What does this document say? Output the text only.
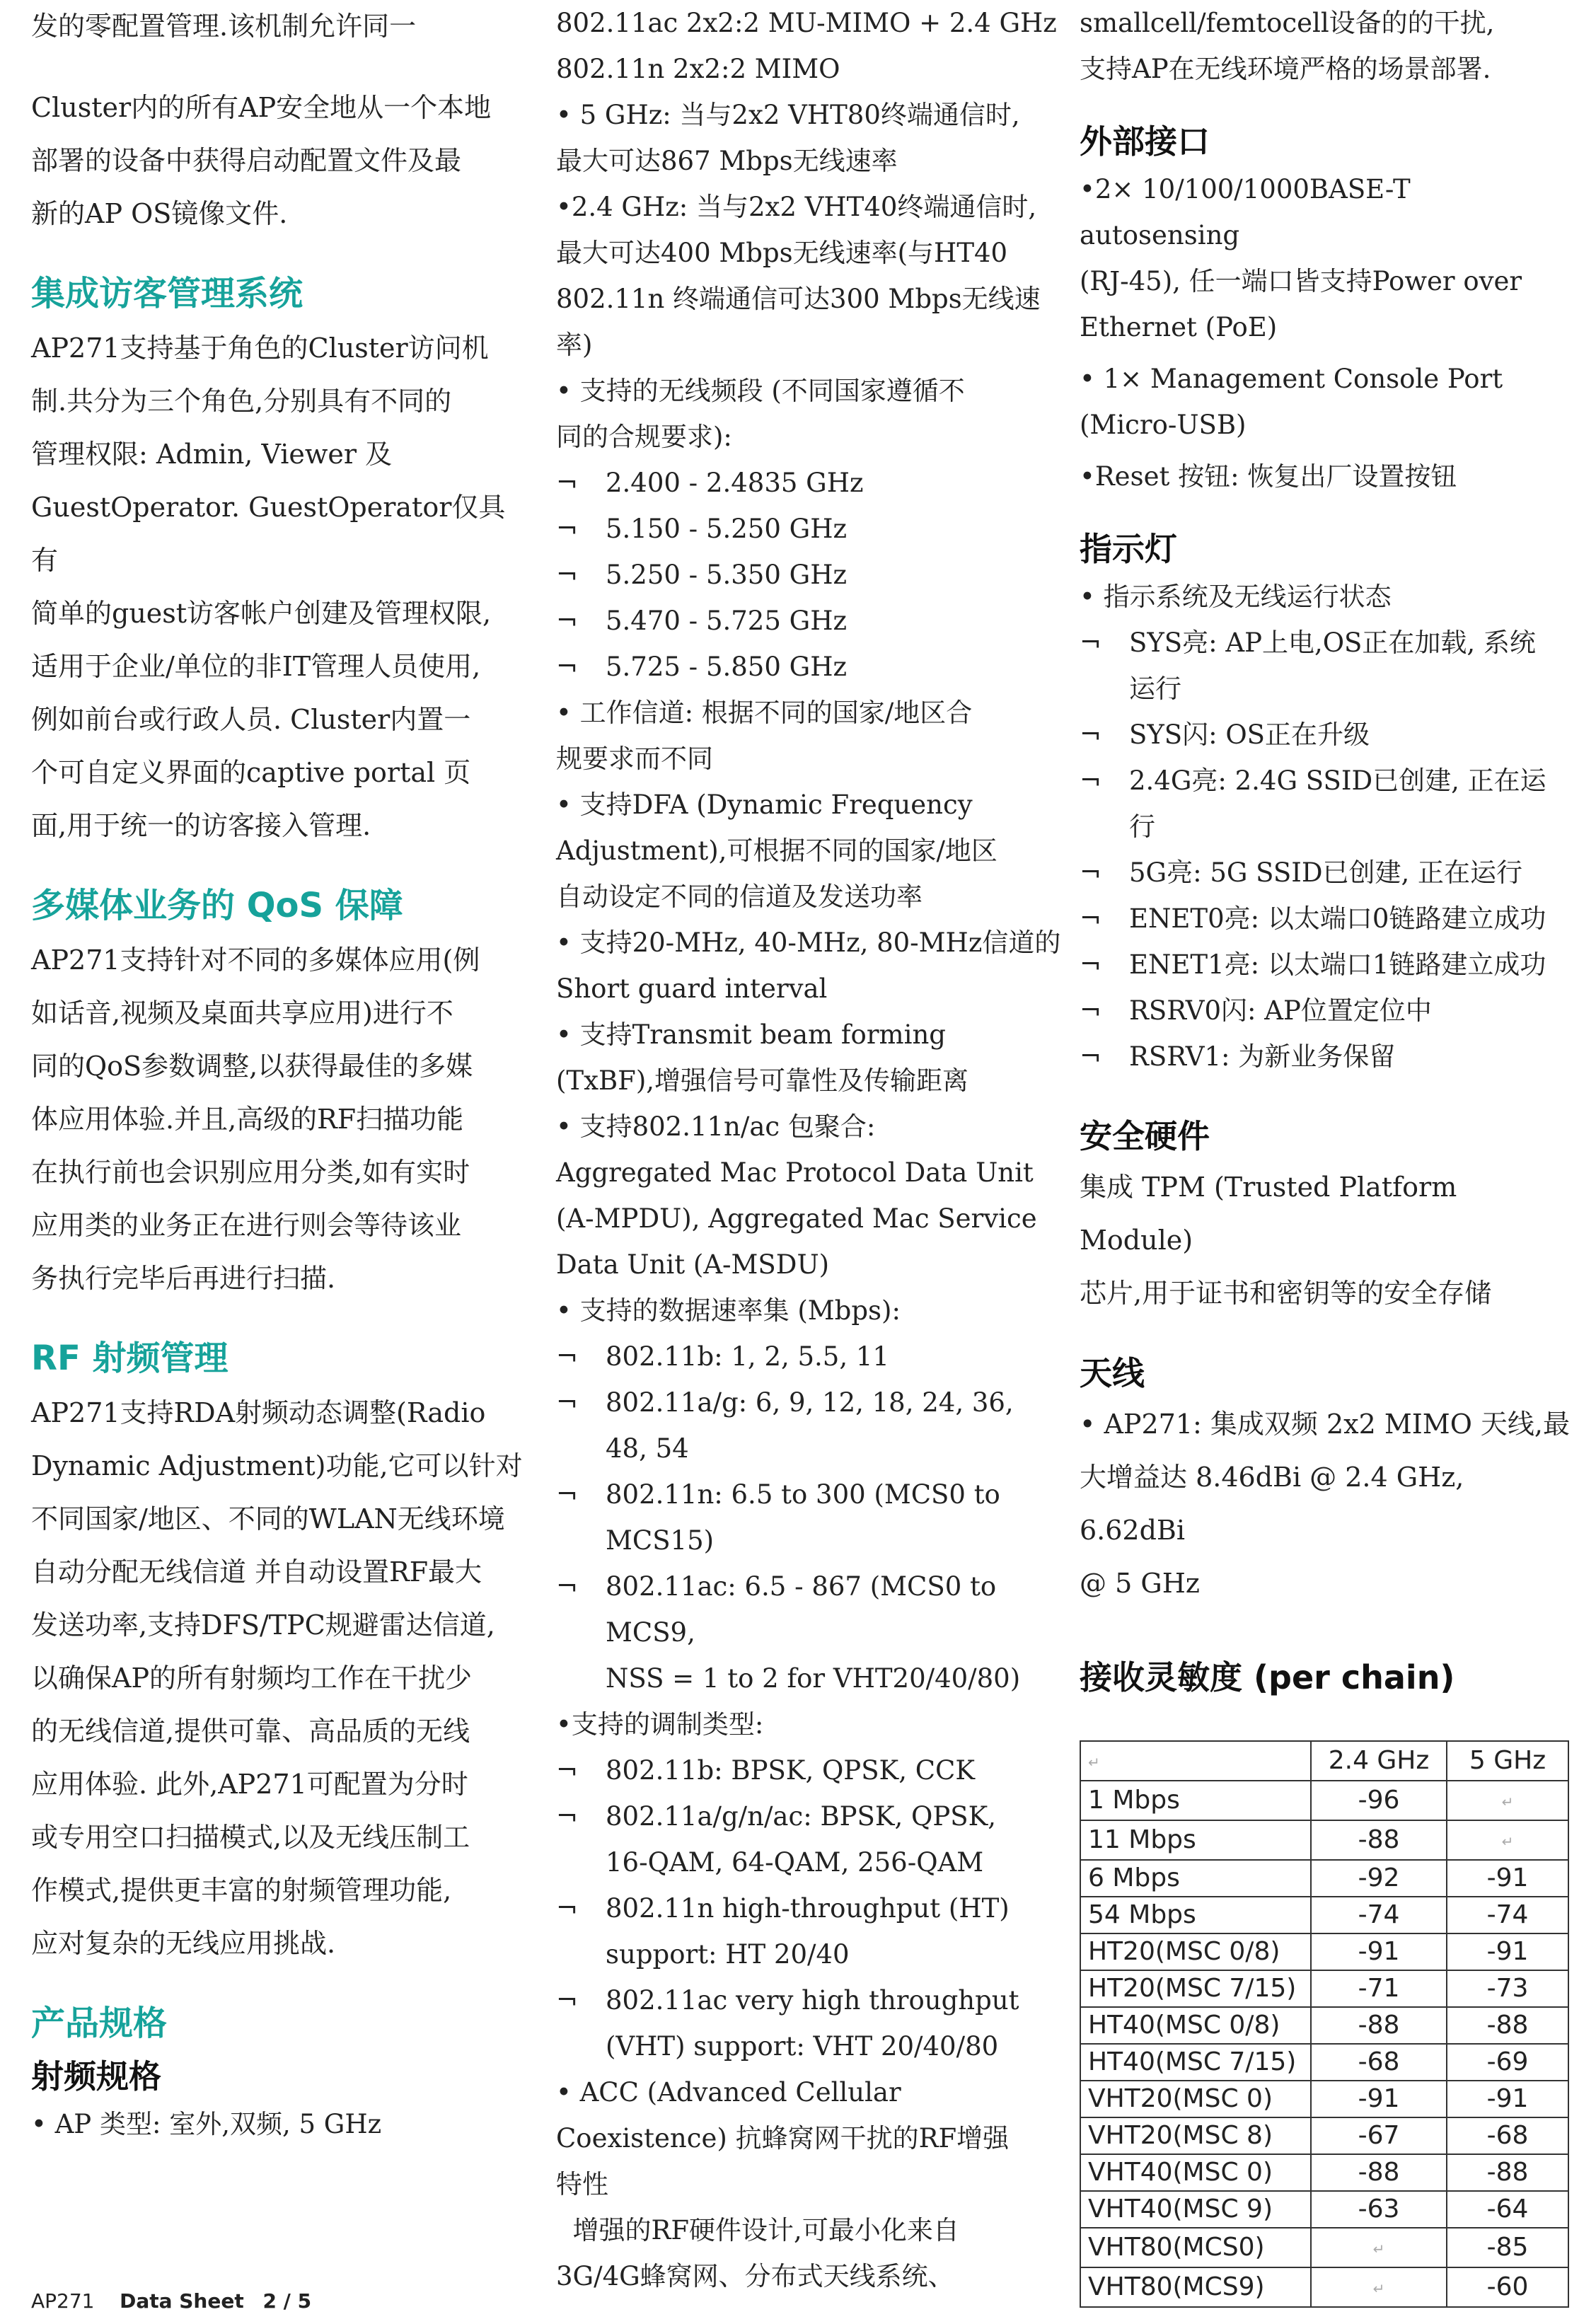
发的零配置管理.该机制允许同一

Cluster内的所有AP安全地从一个本地

部署的设备中获得启动配置文件及最

新的AP OS镜像文件.

集成访客管理系统

AP271支持基于角色的Cluster访问机

制.共分为三个角色,分别具有不同的

管理权限: Admin, Viewer 及

GuestOperator. GuestOperator仅具有

简单的guest访客帐户创建及管理权限,

适用于企业/单位的非IT管理人员使用,

例如前台或行政人员. Cluster内置一

个可自定义界面的captive portal 页

面,用于统一的访客接入管理.

多媒体业务的 QoS 保障

AP271支持针对不同的多媒体应用(例

如话音,视频及桌面共享应用)进行不

同的QoS参数调整,以获得最佳的多媒

体应用体验.并且,高级的RF扫描功能

在执行前也会识别应用分类,如有实时

应用类的业务正在进行则会等待该业

务执行完毕后再进行扫描.

RF 射频管理

AP271支持RDA射频动态调整(Radio

Dynamic Adjustment)功能,它可以针对

不同国家/地区、不同的WLAN无线环境

自动分配无线信道 并自动设置RF最大

发送功率,支持DFS/TPC规避雷达信道,

以确保AP的所有射频均工作在干扰少

的无线信道,提供可靠、高品质的无线

应用体验. 此外,AP271可配置为分时

或专用空口扫描模式,以及无线压制工

作模式,提供更丰富的射频管理功能,

应对复杂的无线应用挑战.

产品规格
射频规格

• AP 类型: 室外,双频, 5 GHz

802.11ac 2x2:2 MU-MIMO + 2.4 GHz

802.11n 2x2:2 MIMO

• 5 GHz: 当与2x2 VHT80终端通信时,

最大可达867 Mbps无线速率

•2.4 GHz: 当与2x2 VHT40终端通信时,

最大可达400 Mbps无线速率(与HT40

802.11n 终端通信可达300 Mbps无线速

率)

• 支持的无线频段 (不同国家遵循不

同的合规要求):

¬	2.400 - 2.4835 GHz

¬	5.150 - 5.250 GHz

¬	5.250 - 5.350 GHz

¬	5.470 - 5.725 GHz

¬	5.725 - 5.850 GHz

• 工作信道: 根据不同的国家/地区合

规要求而不同

• 支持DFA (Dynamic Frequency

Adjustment),可根据不同的国家/地区

自动设定不同的信道及发送功率

• 支持20-MHz, 40-MHz, 80-MHz信道的

Short guard interval

• 支持Transmit beam forming

(TxBF),增强信号可靠性及传输距离

• 支持802.11n/ac 包聚合:

Aggregated Mac Protocol Data Unit

(A-MPDU), Aggregated Mac Service

Data Unit (A-MSDU)

• 支持的数据速率集 (Mbps):

¬	802.11b: 1, 2, 5.5, 11

¬	802.11a/g: 6, 9, 12, 18, 24, 36,

48, 54

¬	802.11n: 6.5 to 300 (MCS0 to

MCS15)

¬	802.11ac: 6.5 - 867 (MCS0 to MCS9,

NSS = 1 to 2 for VHT20/40/80)

•支持的调制类型:

¬	802.11b: BPSK, QPSK, CCK

¬	802.11a/g/n/ac: BPSK, QPSK,

16-QAM, 64-QAM, 256-QAM

¬	802.11n high-throughput (HT)

support: HT 20/40

¬	802.11ac very high throughput

(VHT) support: VHT 20/40/80

• ACC (Advanced Cellular

Coexistence) 抗蜂窝网干扰的RF增强

特性

增强的RF硬件设计,可最小化来自

3G/4G蜂窝网、分布式天线系统、

smallcell/femtocell设备的的干扰,

支持AP在无线环境严格的场景部署.

外部接口

•2× 10/100/1000BASE-T autosensing

(RJ-45), 任一端口皆支持Power over

Ethernet (PoE)

• 1× Management Console Port

(Micro-USB)

•Reset 按钮: 恢复出厂设置按钮

指示灯

• 指示系统及无线运行状态

¬	SYS亮: AP上电,OS正在加载, 系统

运行

¬	SYS闪: OS正在升级

¬	2.4G亮: 2.4G SSID已创建, 正在运

行

¬	5G亮: 5G SSID已创建, 正在运行

¬	ENET0亮: 以太端口0链路建立成功

¬	ENET1亮: 以太端口1链路建立成功

¬	RSRV0闪: AP位置定位中

¬	RSRV1: 为新业务保留

安全硬件

集成 TPM (Trusted Platform Module)

芯片,用于证书和密钥等的安全存储

天线

• AP271: 集成双频 2x2 MIMO 天线,最

大增益达 8.46dBi @ 2.4 GHz, 6.62dBi

@ 5 GHz

接收灵敏度 (per chain)
↵	2.4 GHz	5 GHz
1 Mbps	-96	↵
11 Mbps	-88	↵
6 Mbps	-92	-91
54 Mbps	-74	-74
HT20(MSC 0/8)	-91	-91
HT20(MSC 7/15)	-71	-73
HT40(MSC 0/8)	-88	-88
HT40(MSC 7/15)	-68	-69
VHT20(MSC 0)	-91	-91
VHT20(MSC 8)	-67	-68
VHT40(MSC 0)	-88	-88
VHT40(MSC 9)	-63	-64
VHT80(MCS0)	↵	-85
VHT80(MCS9)	↵	-60
AP271 Data Sheet 2 / 5
